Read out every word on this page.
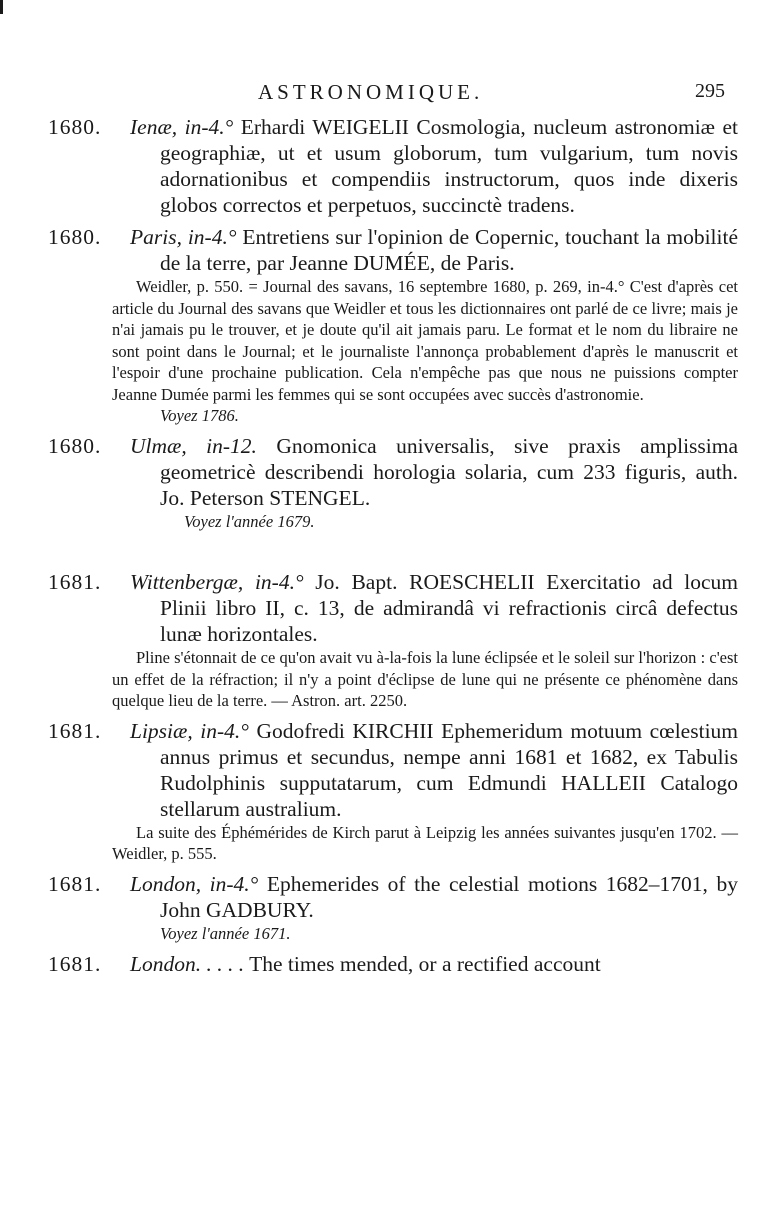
ASTRONOMIQUE.	295
1680. Ienæ, in-4.° Erhardi WEIGELII Cosmologia, nucleum astronomiæ et geographiæ, ut et usum globorum, tum vulgarium, tum novis adornationibus et compendiis instructorum, quos inde dixeris globos correctos et perpetuos, succinctè tradens.
1680. Paris, in-4.° Entretiens sur l'opinion de Copernic, touchant la mobilité de la terre, par Jeanne DUMÉE, de Paris.
Weidler, p. 550. = Journal des savans, 16 septembre 1680, p. 269, in-4.° C'est d'après cet article du Journal des savans que Weidler et tous les dictionnaires ont parlé de ce livre; mais je n'ai jamais pu le trouver, et je doute qu'il ait jamais paru. Le format et le nom du libraire ne sont point dans le Journal; et le journaliste l'annonça probablement d'après le manuscrit et l'espoir d'une prochaine publication. Cela n'empêche pas que nous ne puissions compter Jeanne Dumée parmi les femmes qui se sont occupées avec succès d'astronomie.
Voyez 1786.
1680. Ulmæ, in-12. Gnomonica universalis, sive praxis amplissima geometricè describendi horologia solaria, cum 233 figuris, auth. Jo. Peterson STENGEL.
Voyez l'année 1679.
1681. Wittenbergæ, in-4.° Jo. Bapt. ROESCHELII Exercitatio ad locum Plinii libro II, c. 13, de admirandâ vi refractionis circâ defectus lunæ horizontales.
Pline s'étonnait de ce qu'on avait vu à-la-fois la lune éclipsée et le soleil sur l'horizon : c'est un effet de la réfraction; il n'y a point d'éclipse de lune qui ne présente ce phénomène dans quelque lieu de la terre. — Astron. art. 2250.
1681. Lipsiæ, in-4.° Godofredi KIRCHII Ephemeridum motuum cœlestium annus primus et secundus, nempe anni 1681 et 1682, ex Tabulis Rudolphinis supputatarum, cum Edmundi HALLEII Catalogo stellarum australium.
La suite des Éphémérides de Kirch parut à Leipzig les années suivantes jusqu'en 1702. — Weidler, p. 555.
1681. London, in-4.° Ephemerides of the celestial motions 1682–1701, by John GADBURY.
Voyez l'année 1671.
1681. London. . . . . The times mended, or a rectified account
